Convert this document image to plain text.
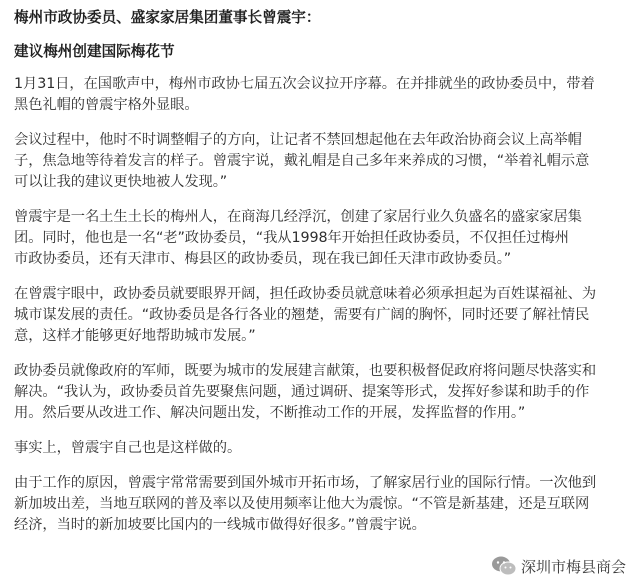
梅州市政协委员、盛家家居集团董事长曾震宇：
建议梅州创建国际梅花节
1月31日，在国歌声中，梅州市政协七届五次会议拉开序幕。在并排就坐的政协委员中，带着
黑色礼帽的曾震宇格外显眼。
会议过程中，他时不时调整帽子的方向，让记者不禁回想起他在去年政治协商会议上高举帽
子，焦急地等待着发言的样子。曾震宇说，戴礼帽是自己多年来养成的习惯，“举着礼帽示意
可以让我的建议更快地被人发现。”
曾震宇是一名土生土长的梅州人，在商海几经浮沉，创建了家居行业久负盛名的盛家家居集
团。同时，他也是一名“老”政协委员，“我从1998年开始担任政协委员，不仅担任过梅州
市政协委员，还有天津市、梅县区的政协委员，现在我已卸任天津市政协委员。”
在曾震宇眼中，政协委员就要眼界开阔，担任政协委员就意味着必须承担起为百姓谋福祉、为
城市谋发展的责任。“政协委员是各行各业的翘楚，需要有广阔的胸怀，同时还要了解社情民
意，这样才能够更好地帮助城市发展。”
政协委员就像政府的军师，既要为城市的发展建言献策，也要积极督促政府将问题尽快落实和
解决。“我认为，政协委员首先要聚焦问题，通过调研、提案等形式，发挥好参谋和助手的作
用。然后要从改进工作、解决问题出发，不断推动工作的开展，发挥监督的作用。”
事实上，曾震宇自己也是这样做的。
由于工作的原因，曾震宇常常需要到国外城市开拓市场，了解家居行业的国际行情。一次他到
新加坡出差，当地互联网的普及率以及使用频率让他大为震惊。“不管是新基建，还是互联网
经济，当时的新加坡要比国内的一线城市做得好很多。”曾震宇说。
深圳市梅县商会
